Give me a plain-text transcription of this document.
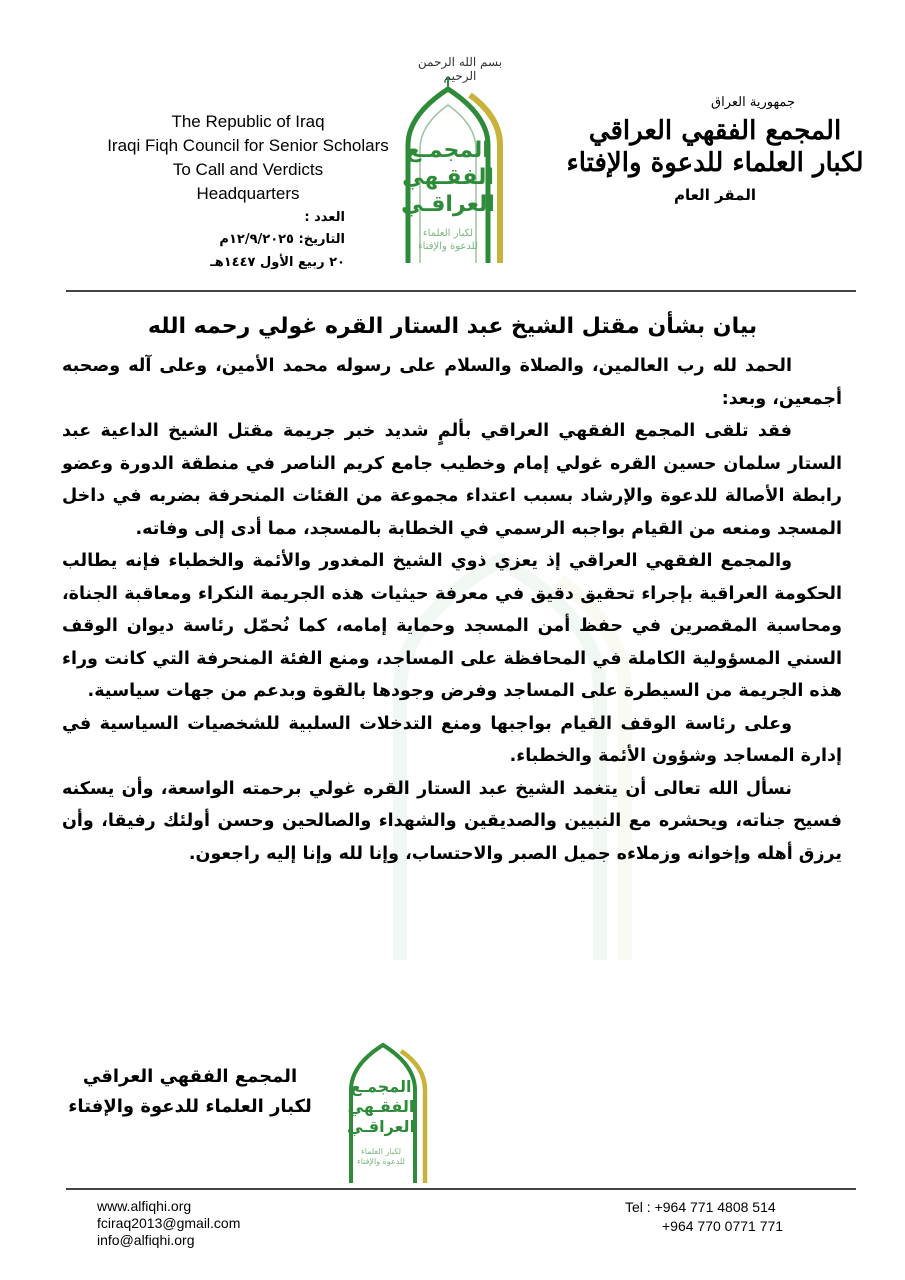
The Republic of Iraq
Iraqi Fiqh Council for Senior Scholars
To Call and Verdicts
Headquarters
بسم الله الرحمن الرحيم
المجمـع
الفقـهي
العراقـي
لكبار العلماء
للدعوة والإفتاء
جمهورية العراق
المجمع الفقهي العراقي
لكبار العلماء للدعوة والإفتاء
المقر العام
العدد :
التاريخ: ١٢/٩/٢٠٢٥م
٢٠ ربيع الأول ١٤٤٧هـ
بيان بشأن مقتل الشيخ عبد الستار القره غولي رحمه الله

الحمد لله رب العالمين، والصلاة والسلام على رسوله محمد الأمين، وعلى آله وصحبه أجمعين، وبعد:

فقد تلقى المجمع الفقهي العراقي بألمٍ شديد خبر جريمة مقتل الشيخ الداعية عبد الستار سلمان حسين القره غولي إمام وخطيب جامع كريم الناصر في منطقة الدورة وعضو رابطة الأصالة للدعوة والإرشاد بسبب اعتداء مجموعة من الفئات المنحرفة بضربه في داخل المسجد ومنعه من القيام بواجبه الرسمي في الخطابة بالمسجد، مما أدى إلى وفاته.

والمجمع الفقهي العراقي إذ يعزي ذوي الشيخ المغدور والأئمة والخطباء فإنه يطالب الحكومة العراقية بإجراء تحقيق دقيق في معرفة حيثيات هذه الجريمة النكراء ومعاقبة الجناة، ومحاسبة المقصرين في حفظ أمن المسجد وحماية إمامه، كما نُحمّل رئاسة ديوان الوقف السني المسؤولية الكاملة في المحافظة على المساجد، ومنع الفئة المنحرفة التي كانت وراء هذه الجريمة من السيطرة على المساجد وفرض وجودها بالقوة وبدعم من جهات سياسية.

وعلى رئاسة الوقف القيام بواجبها ومنع التدخلات السلبية للشخصيات السياسية في إدارة المساجد وشؤون الأئمة والخطباء.

نسأل الله تعالى أن يتغمد الشيخ عبد الستار القره غولي برحمته الواسعة، وأن يسكنه فسيح جناته، ويحشره مع النبيين والصديقين والشهداء والصالحين وحسن أولئك رفيقا، وأن يرزق أهله وإخوانه وزملاءه جميل الصبر والاحتساب، وإنا لله وإنا إليه راجعون.

المجمع الفقهي العراقي
لكبار العلماء للدعوة والإفتاء
المجمـع
الفقـهي
العراقـي
لكبار العلماء
للدعوة والإفتاء
www.alfiqhi.org
fciraq2013@gmail.com
info@alfiqhi.org
Tel : +964 771 4808 514
+964 770 0771 771
